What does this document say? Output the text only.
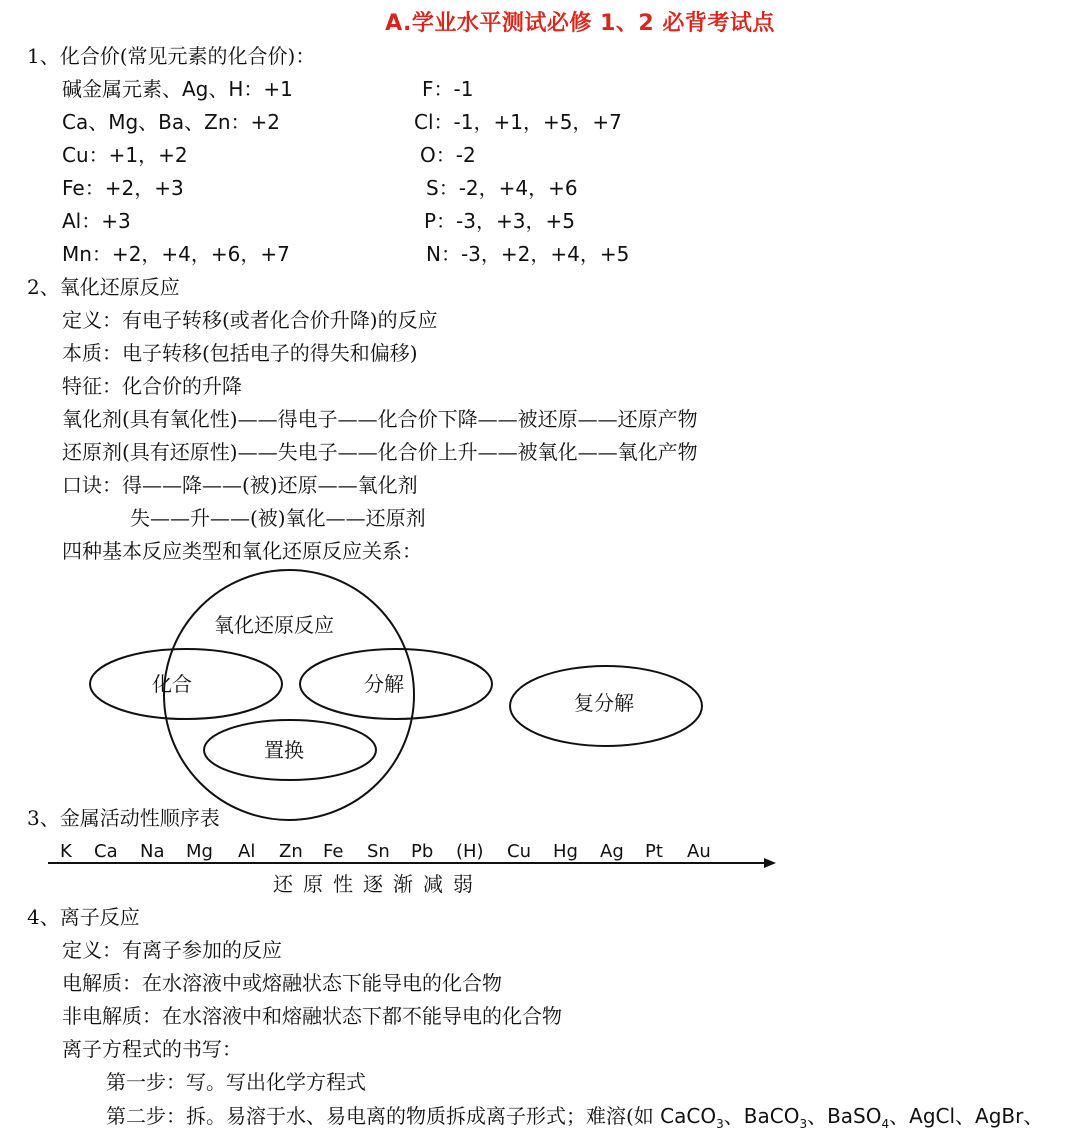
A.学业水平测试必修 1、2 必背考试点
1、化合价(常见元素的化合价)：
碱金属元素、Ag、H：+1
Ca、Mg、Ba、Zn：+2
Cu：+1，+2
Fe：+2，+3
Al：+3
Mn：+2，+4，+6，+7
F：-1
Cl：-1，+1，+5，+7
O：-2
S：-2，+4，+6
P：-3，+3，+5
N：-3，+2，+4，+5
2、氧化还原反应
定义：有电子转移(或者化合价升降)的反应
本质：电子转移(包括电子的得失和偏移)
特征：化合价的升降
氧化剂(具有氧化性)——得电子——化合价下降——被还原——还原产物
还原剂(具有还原性)——失电子——化合价上升——被氧化——氧化产物
口诀：得——降——(被)还原——氧化剂
失——升——(被)氧化——还原剂
四种基本反应类型和氧化还原反应关系：
氧化还原反应
化合	分解
置换
复分解
3、金属活动性顺序表
K Ca Na Mg Al Zn Fe Sn Pb (H) Cu Hg Ag Pt Au
还原性逐渐减弱
4、离子反应
定义：有离子参加的反应
电解质：在水溶液中或熔融状态下能导电的化合物
非电解质：在水溶液中和熔融状态下都不能导电的化合物
离子方程式的书写：
第一步：写。写出化学方程式
第二步：拆。易溶于水、易电离的物质拆成离子形式；难溶(如 CaCO$_3$、BaCO$_3$、BaSO$_4$、AgCl、AgBr、
